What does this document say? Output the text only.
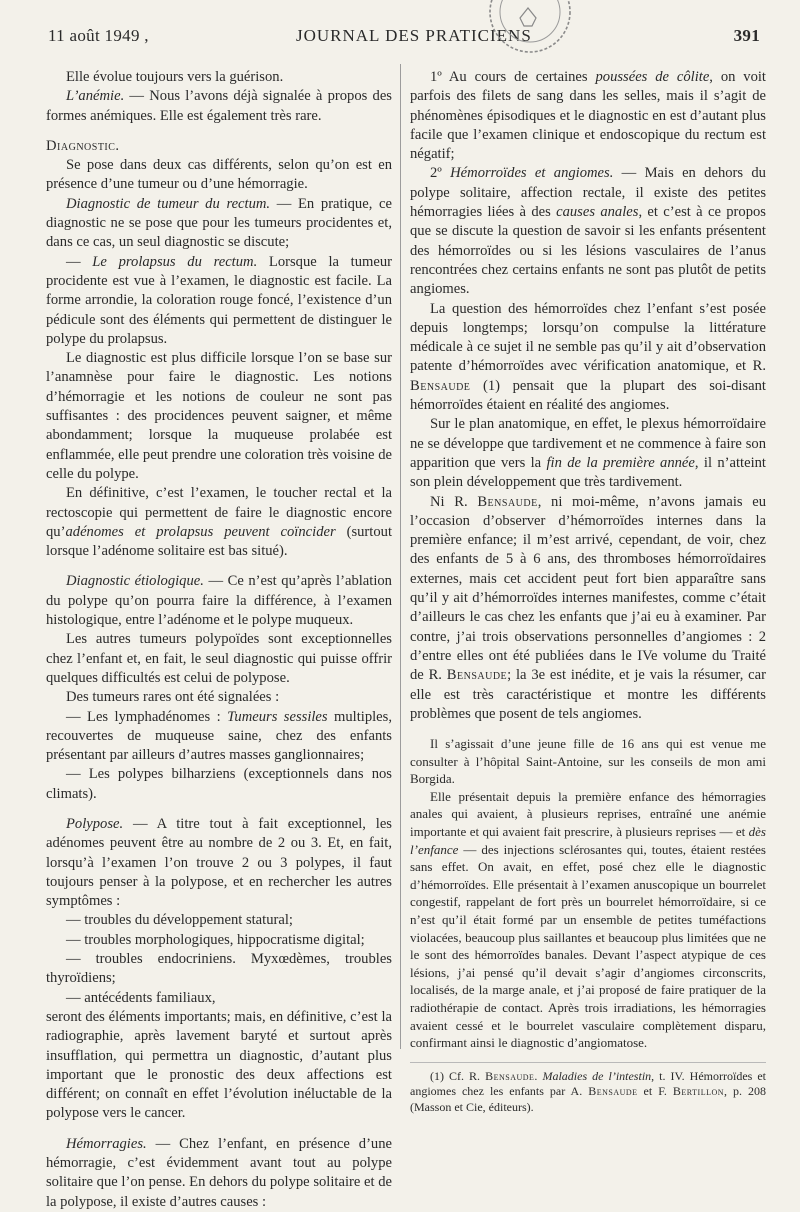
11 août 1949 ,	JOURNAL DES PRATICIENS	391

Elle évolue toujours vers la guérison.

L’anémie. — Nous l’avons déjà signalée à propos des formes anémiques. Elle est également très rare.

Diagnostic.

Se pose dans deux cas différents, selon qu’on est en présence d’une tumeur ou d’une hémorragie.

Diagnostic de tumeur du rectum. — En pratique, ce diagnostic ne se pose que pour les tumeurs procidentes et, dans ce cas, un seul diagnostic se discute;

— Le prolapsus du rectum. Lorsque la tumeur procidente est vue à l’examen, le diagnostic est facile. La forme arrondie, la coloration rouge foncé, l’existence d’un pédicule sont des éléments qui permettent de distinguer le polype du prolapsus.

Le diagnostic est plus difficile lorsque l’on se base sur l’anamnèse pour faire le diagnostic. Les notions d’hémorragie et les notions de couleur ne sont pas suffisantes : des procidences peuvent saigner, et même abondamment; lorsque la muqueuse prolabée est enflammée, elle peut prendre une coloration très voisine de celle du polype.

En définitive, c’est l’examen, le toucher rectal et la rectoscopie qui permettent de faire le diagnostic encore qu’adénomes et prolapsus peuvent coïncider (surtout lorsque l’adénome solitaire est bas situé).

Diagnostic étiologique. — Ce n’est qu’après l’ablation du polype qu’on pourra faire la différence, à l’examen histologique, entre l’adénome et le polype muqueux.

Les autres tumeurs polypoïdes sont exceptionnelles chez l’enfant et, en fait, le seul diagnostic qui puisse offrir quelques difficultés est celui de polypose.

Des tumeurs rares ont été signalées :

— Les lymphadénomes : Tumeurs sessiles multiples, recouvertes de muqueuse saine, chez des enfants présentant par ailleurs d’autres masses ganglionnaires;

— Les polypes bilharziens (exceptionnels dans nos climats).

Polypose. — A titre tout à fait exceptionnel, les adénomes peuvent être au nombre de 2 ou 3. Et, en fait, lorsqu’à l’examen l’on trouve 2 ou 3 polypes, il faut toujours penser à la polypose, et en rechercher les autres symptômes :

— troubles du développement statural;

— troubles morphologiques, hippocratisme digital;

— troubles endocriniens. Myxœdèmes, troubles thyroïdiens;

— antécédents familiaux,

seront des éléments importants; mais, en définitive, c’est la radiographie, après lavement baryté et surtout après insufflation, qui permettra un diagnostic, d’autant plus important que le pronostic des deux affections est différent; on connaît en effet l’évolution inéluctable de la polypose vers le cancer.

Hémorragies. — Chez l’enfant, en présence d’une hémorragie, c’est évidemment avant tout au polype solitaire que l’on pense. En dehors du polype solitaire et de la polypose, il existe d’autres causes :

1º Au cours de certaines poussées de côlite, on voit parfois des filets de sang dans les selles, mais il s’agit de phénomènes épisodiques et le diagnostic en est d’autant plus facile que l’examen clinique et endoscopique du rectum est négatif;

2º Hémorroïdes et angiomes. — Mais en dehors du polype solitaire, affection rectale, il existe des petites hémorragies liées à des causes anales, et c’est à ce propos que se discute la question de savoir si les enfants présentent des hémorroïdes ou si les lésions vasculaires de l’anus rencontrées chez certains enfants ne sont pas plutôt de petits angiomes.

La question des hémorroïdes chez l’enfant s’est posée depuis longtemps; lorsqu’on compulse la littérature médicale à ce sujet il ne semble pas qu’il y ait d’observation patente d’hémorroïdes avec vérification anatomique, et R. Bensaude (1) pensait que la plupart des soi-disant hémorroïdes étaient en réalité des angiomes.

Sur le plan anatomique, en effet, le plexus hémorroïdaire ne se développe que tardivement et ne commence à faire son apparition que vers la fin de la première année, il n’atteint son plein développement que très tardivement.

Ni R. Bensaude, ni moi-même, n’avons jamais eu l’occasion d’observer d’hémorroïdes internes dans la première enfance; il m’est arrivé, cependant, de voir, chez des enfants de 5 à 6 ans, des thromboses hémorroïdaires externes, mais cet accident peut fort bien apparaître sans qu’il y ait d’hémorroïdes internes manifestes, comme c’était d’ailleurs le cas chez les enfants que j’ai eu à examiner. Par contre, j’ai trois observations personnelles d’angiomes : 2 d’entre elles ont été publiées dans le IVe volume du Traité de R. Bensaude; la 3e est inédite, et je vais la résumer, car elle est très caractéristique et montre les différents problèmes que posent de tels angiomes.

Il s’agissait d’une jeune fille de 16 ans qui est venue me consulter à l’hôpital Saint-Antoine, sur les conseils de mon ami Borgida.

Elle présentait depuis la première enfance des hémorragies anales qui avaient, à plusieurs reprises, entraîné une anémie importante et qui avaient fait prescrire, à plusieurs reprises — et dès l’enfance — des injections sclérosantes qui, toutes, étaient restées sans effet. On avait, en effet, posé chez elle le diagnostic d’hémorroïdes. Elle présentait à l’examen anuscopique un bourrelet congestif, rappelant de fort près un bourrelet hémorroïdaire, si ce n’est qu’il était formé par un ensemble de petites tuméfactions violacées, beaucoup plus saillantes et beaucoup plus limitées que ne le sont des hémorroïdes banales. Devant l’aspect atypique de ces lésions, j’ai pensé qu’il devait s’agir d’angiomes circonscrits, localisés, de la marge anale, et j’ai proposé de faire pratiquer de la radiothérapie de contact. Après trois irradiations, les hémorragies avaient cessé et le bourrelet vasculaire complètement disparu, confirmant ainsi le diagnostic d’angiomatose.

(1) Cf. R. Bensaude. Maladies de l’intestin, t. IV. Hémorroïdes et angiomes chez les enfants par A. Bensaude et F. Bertillon, p. 208 (Masson et Cie, éditeurs).
